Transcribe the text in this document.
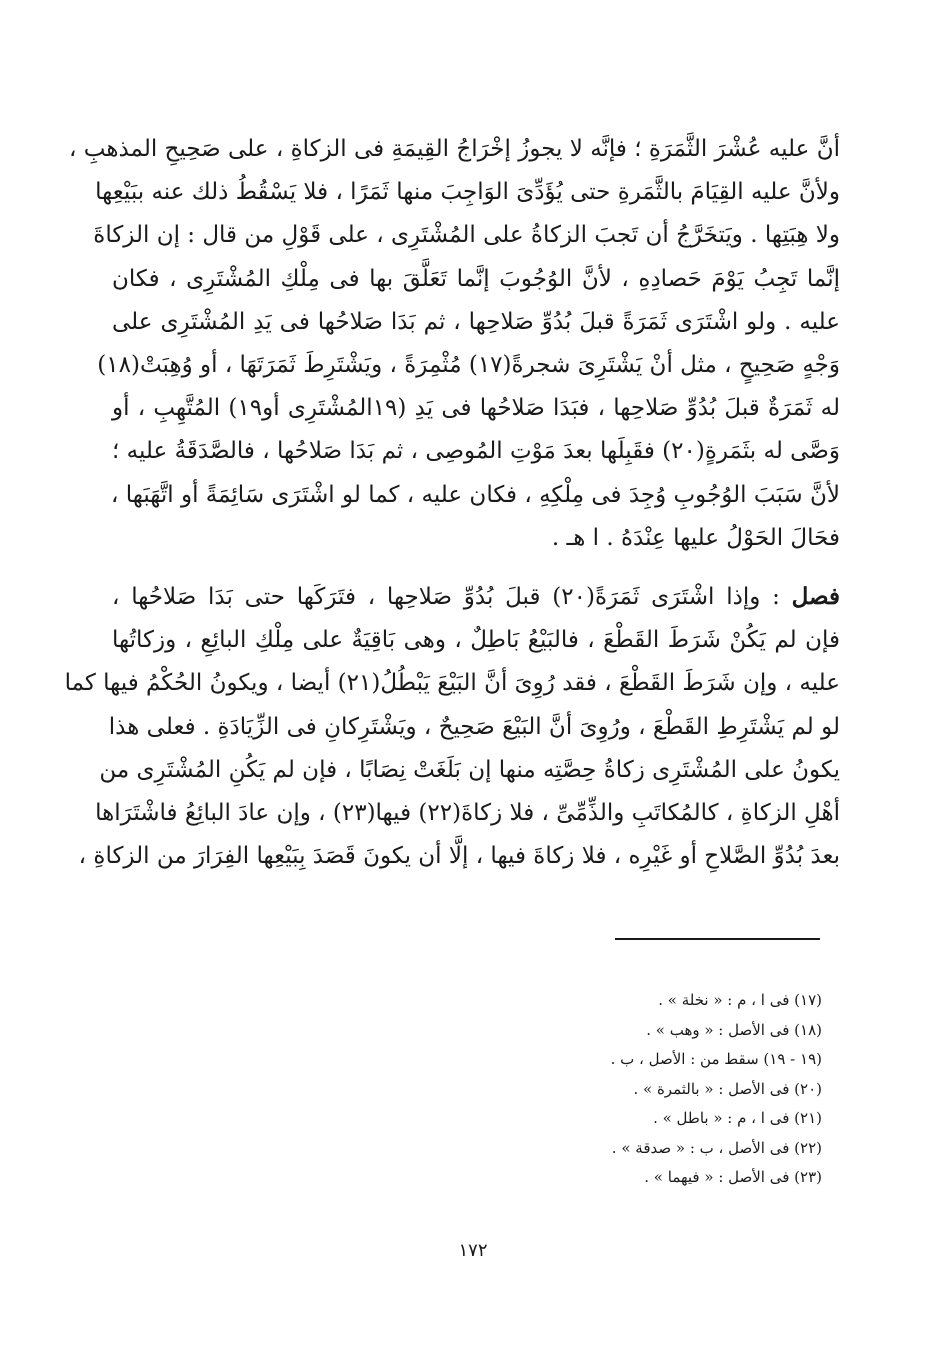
أنَّ عليه عُشْرَ الثَّمَرَةِ ؛ فإنَّه لا يجوزُ إخْرَاجُ القِيمَةِ فى الزكاةِ ، على صَحِيحِ المذهبِ ،
ولأنَّ عليه القِيَامَ بالثَّمَرةِ حتى يُؤَدِّىَ الوَاجِبَ منها ثَمَرًا ، فلا يَسْقُطُ ذلك عنه ببَيْعِها
ولا هِبَتِها . ويَتخَرَّجُ أن تَجبَ الزكاةُ على المُشْتَرِى ، على قَوْلِ من قال : إن الزكاةَ
إنَّما تَجِبُ يَوْمَ حَصادِهِ ، لأنَّ الوُجُوبَ إنَّما تَعَلَّقَ بها فى مِلْكِ المُشْتَرِى ، فكان
عليه . ولو اشْتَرَى ثَمَرَةً قبلَ بُدُوِّ صَلاحِها ، ثم بَدَا صَلاحُها فى يَدِ المُشْتَرِى على
وَجْهٍ صَحِيحٍ ، مثل أنْ يَشْتَرِىَ شجرةً(١٧) مُثْمِرَةً ، ويَشْتَرِطَ ثَمَرَتَهَا ، أو وُهِبَتْ(١٨)
له ثَمَرَةٌ قبلَ بُدُوِّ صَلاحِها ، فبَدَا صَلاحُها فى يَدِ (١٩المُشْتَرِى أو١٩) المُتَّهِبِ ، أو
وَصَّى له بثَمَرةٍ(٢٠) فقَبِلَها بعدَ مَوْتِ المُوصِى ، ثم بَدَا صَلاحُها ، فالصَّدَقَةُ عليه ؛
لأنَّ سَبَبَ الوُجُوبِ وُجِدَ فى مِلْكِهِ ، فكان عليه ، كما لو اشْتَرَى سَائِمَةً أو اتَّهَبَها ،
فحَالَ الحَوْلُ عليها عِنْدَهُ . ا هـ .

فصل : وإذا اشْتَرَى ثَمَرَةً(٢٠) قبلَ بُدُوِّ صَلاحِها ، فتَرَكَها حتى بَدَا صَلاحُها ،
فإن لم يَكُنْ شَرَطَ القَطْعَ ، فالبَيْعُ بَاطِلٌ ، وهى بَاقِيَةٌ على مِلْكِ البائِعِ ، وزكاتُها
عليه ، وإن شَرَطَ القَطْعَ ، فقد رُوِىَ أنَّ البَيْعَ يَبْطُلُ(٢١) أيضا ، ويكونُ الحُكْمُ فيها كما
لو لم يَشْتَرِطِ القَطْعَ ، ورُوِىَ أنَّ البَيْعَ صَحِيحٌ ، ويَشْتَرِكانِ فى الزِّيَادَةِ . فعلى هذا
يكونُ على المُشْتَرِى زكاةُ حِصَّتِه منها إن بَلَغَتْ نِصَابًا ، فإن لم يَكُنِ المُشْتَرِى من
أهْلِ الزكاةِ ، كالمُكاتَبِ والذِّمِّىِّ ، فلا زكاةَ(٢٢) فيها(٢٣) ، وإن عادَ البائِعُ فاشْتَرَاها
بعدَ بُدُوِّ الصَّلاحِ أو غَيْرِه ، فلا زكاةَ فيها ، إلَّا أن يكونَ قَصَدَ بِبَيْعِها الفِرَارَ من الزكاةِ ،

(١٧) فى ا ، م : « نخلة » .
(١٨) فى الأصل : « وهب » .
(١٩ - ١٩) سقط من : الأصل ، ب .
(٢٠) فى الأصل : « بالثمرة » .
(٢١) فى ا ، م : « باطل » .
(٢٢) فى الأصل ، ب : « صدقة » .
(٢٣) فى الأصل : « فيهما » .
١٧٢
